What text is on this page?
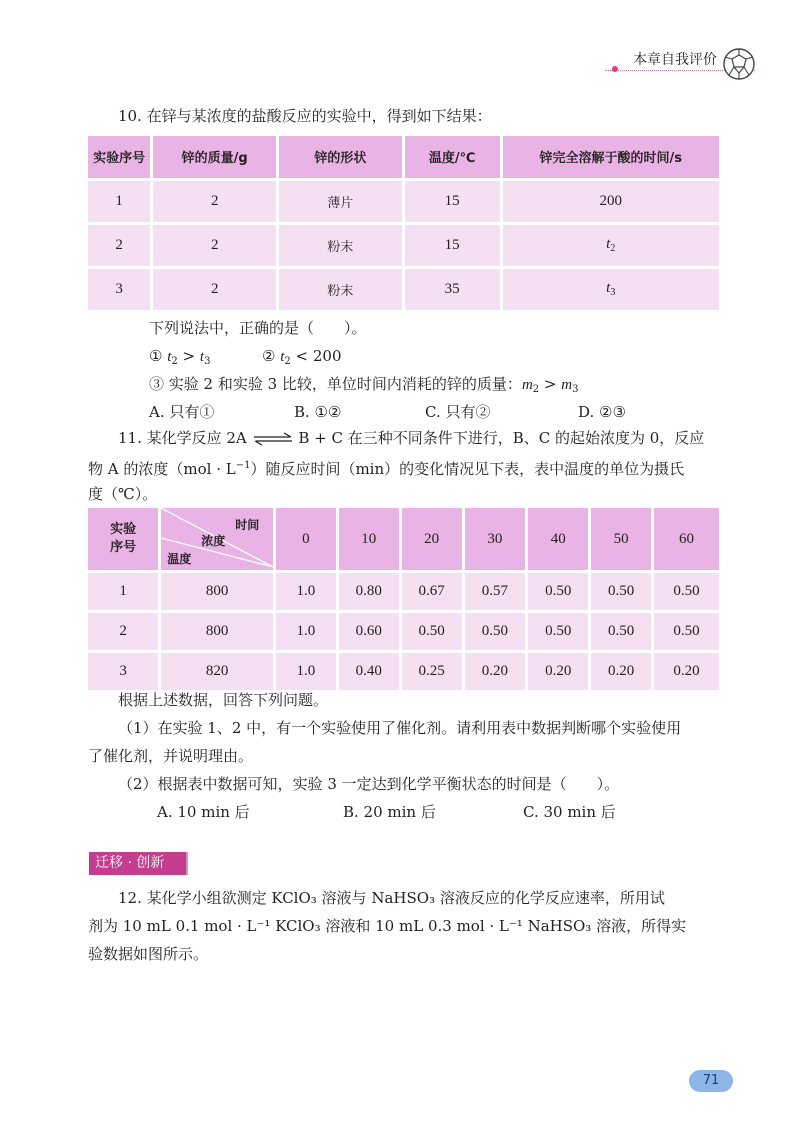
本章自我评价

10. 在锌与某浓度的盐酸反应的实验中，得到如下结果：

实验序号	锌的质量/g	锌的形状	温度/℃	锌完全溶解于酸的时间/s
1	2	薄片	15	200
2	2	粉末	15	$t_2$
3	2	粉末	35	$t_3$

下列说法中，正确的是（　　）。

① $t_2 > t_3$	② $t_2 < 200$

③ 实验 2 和实验 3 比较，单位时间内消耗的锌的质量：$m_2 > m_3$

A. 只有①	B. ①②	C. 只有②	D. ②③

11. 某化学反应 2A ⇌ B + C 在三种不同条件下进行，B、C 的起始浓度为 0，反应

物 A 的浓度$(mol \cdot L^{-1})$随反应时间（min）的变化情况见下表，表中温度的单位为摄氏

度（℃）。

实验
序号	时间
浓度
温度	0	10	20	30	40	50	60
1	800	1.0	0.80	0.67	0.57	0.50	0.50	0.50
2	800	1.0	0.60	0.50	0.50	0.50	0.50	0.50
3	820	1.0	0.40	0.25	0.20	0.20	0.20	0.20

根据上述数据，回答下列问题。

（1）在实验 1、2 中，有一个实验使用了催化剂。请利用表中数据判断哪个实验使用

了催化剂，并说明理由。

（2）根据表中数据可知，实验 3 一定达到化学平衡状态的时间是（　　）。

A. 10 min 后	B. 20 min 后	C. 30 min 后

迁移 · 创新

12. 某化学小组欲测定 KClO₃ 溶液与 NaHSO₃ 溶液反应的化学反应速率，所用试

剂为 10 mL 0.1 mol · L⁻¹ KClO₃ 溶液和 10 mL 0.3 mol · L⁻¹ NaHSO₃ 溶液，所得实

验数据如图所示。

71
